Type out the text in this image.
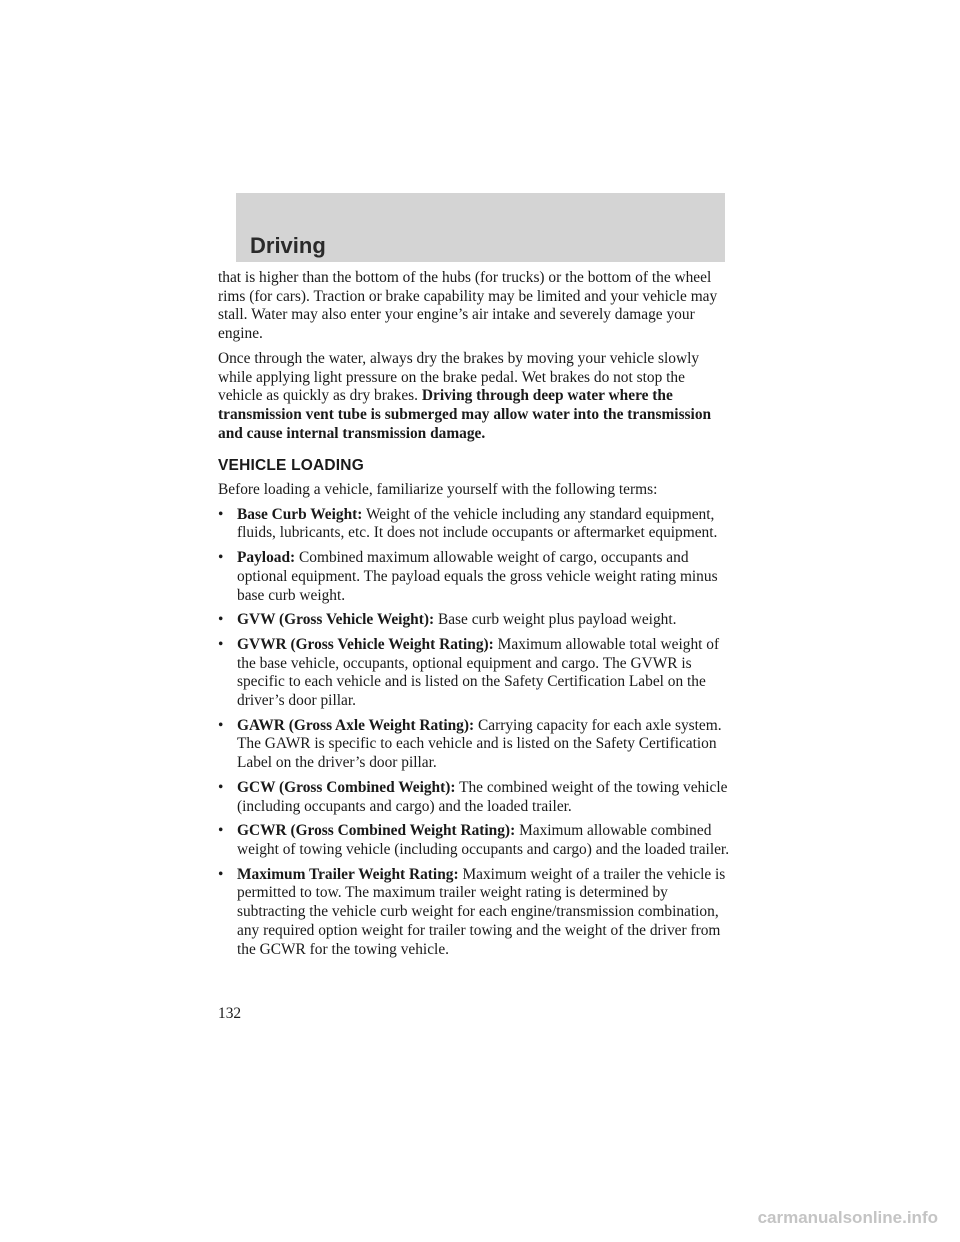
Driving

that is higher than the bottom of the hubs (for trucks) or the bottom of the wheel rims (for cars). Traction or brake capability may be limited and your vehicle may stall. Water may also enter your engine’s air intake and severely damage your engine.

Once through the water, always dry the brakes by moving your vehicle slowly while applying light pressure on the brake pedal. Wet brakes do not stop the vehicle as quickly as dry brakes. Driving through deep water where the transmission vent tube is submerged may allow water into the transmission and cause internal transmission damage.

VEHICLE LOADING

Before loading a vehicle, familiarize yourself with the following terms:

• Base Curb Weight: Weight of the vehicle including any standard equipment, fluids, lubricants, etc. It does not include occupants or aftermarket equipment.
• Payload: Combined maximum allowable weight of cargo, occupants and optional equipment. The payload equals the gross vehicle weight rating minus base curb weight.
• GVW (Gross Vehicle Weight): Base curb weight plus payload weight.
• GVWR (Gross Vehicle Weight Rating): Maximum allowable total weight of the base vehicle, occupants, optional equipment and cargo. The GVWR is specific to each vehicle and is listed on the Safety Certification Label on the driver’s door pillar.
• GAWR (Gross Axle Weight Rating): Carrying capacity for each axle system. The GAWR is specific to each vehicle and is listed on the Safety Certification Label on the driver’s door pillar.
• GCW (Gross Combined Weight): The combined weight of the towing vehicle (including occupants and cargo) and the loaded trailer.
• GCWR (Gross Combined Weight Rating): Maximum allowable combined weight of towing vehicle (including occupants and cargo) and the loaded trailer.
• Maximum Trailer Weight Rating: Maximum weight of a trailer the vehicle is permitted to tow. The maximum trailer weight rating is determined by subtracting the vehicle curb weight for each engine/transmission combination, any required option weight for trailer towing and the weight of the driver from the GCWR for the towing vehicle.
132
carmanualsonline.info
